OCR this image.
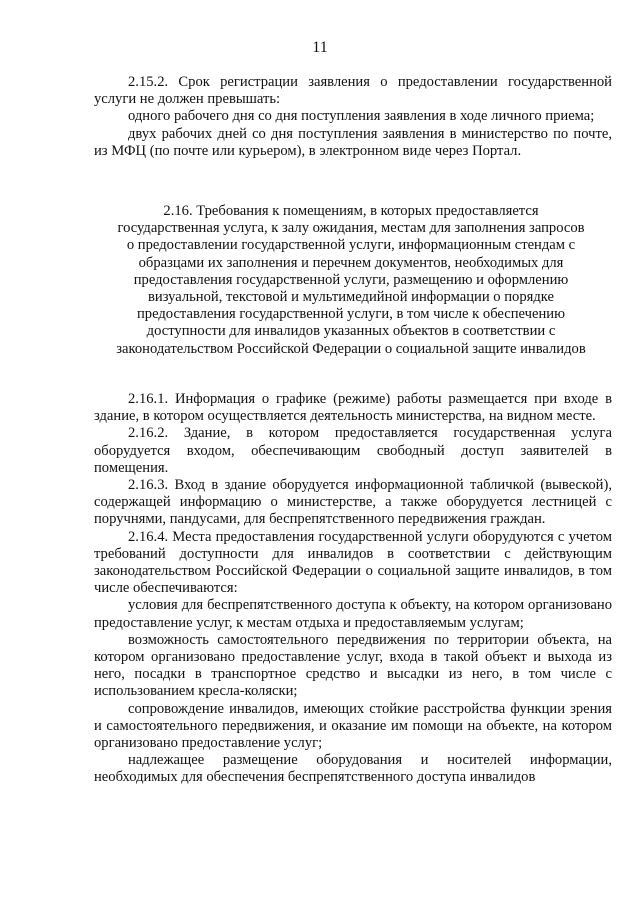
11

2.15.2. Срок регистрации заявления о предоставлении государственной услуги не должен превышать:

одного рабочего дня со дня поступления заявления в ходе личного приема;

двух рабочих дней со дня поступления заявления в министерство по почте, из МФЦ (по почте или курьером), в электронном виде через Портал.

2.16. Требования к помещениям, в которых предоставляется государственная услуга, к залу ожидания, местам для заполнения запросов о предоставлении государственной услуги, информационным стендам с образцами их заполнения и перечнем документов, необходимых для предоставления государственной услуги, размещению и оформлению визуальной, текстовой и мультимедийной информации о порядке предоставления государственной услуги, в том числе к обеспечению доступности для инвалидов указанных объектов в соответствии с законодательством Российской Федерации о социальной защите инвалидов

2.16.1. Информация о графике (режиме) работы размещается при входе в здание, в котором осуществляется деятельность министерства, на видном месте.

2.16.2. Здание, в котором предоставляется государственная услуга оборудуется входом, обеспечивающим свободный доступ заявителей в помещения.

2.16.3. Вход в здание оборудуется информационной табличкой (вывеской), содержащей информацию о министерстве, а также оборудуется лестницей с поручнями, пандусами, для беспрепятственного передвижения граждан.

2.16.4. Места предоставления государственной услуги оборудуются с учетом требований доступности для инвалидов в соответствии с действующим законодательством Российской Федерации о социальной защите инвалидов, в том числе обеспечиваются:

условия для беспрепятственного доступа к объекту, на котором организовано предоставление услуг, к местам отдыха и предоставляемым услугам;

возможность самостоятельного передвижения по территории объекта, на котором организовано предоставление услуг, входа в такой объект и выхода из него, посадки в транспортное средство и высадки из него, в том числе с использованием кресла-коляски;

сопровождение инвалидов, имеющих стойкие расстройства функции зрения и самостоятельного передвижения, и оказание им помощи на объекте, на котором организовано предоставление услуг;

надлежащее размещение оборудования и носителей информации, необходимых для обеспечения беспрепятственного доступа инвалидов
